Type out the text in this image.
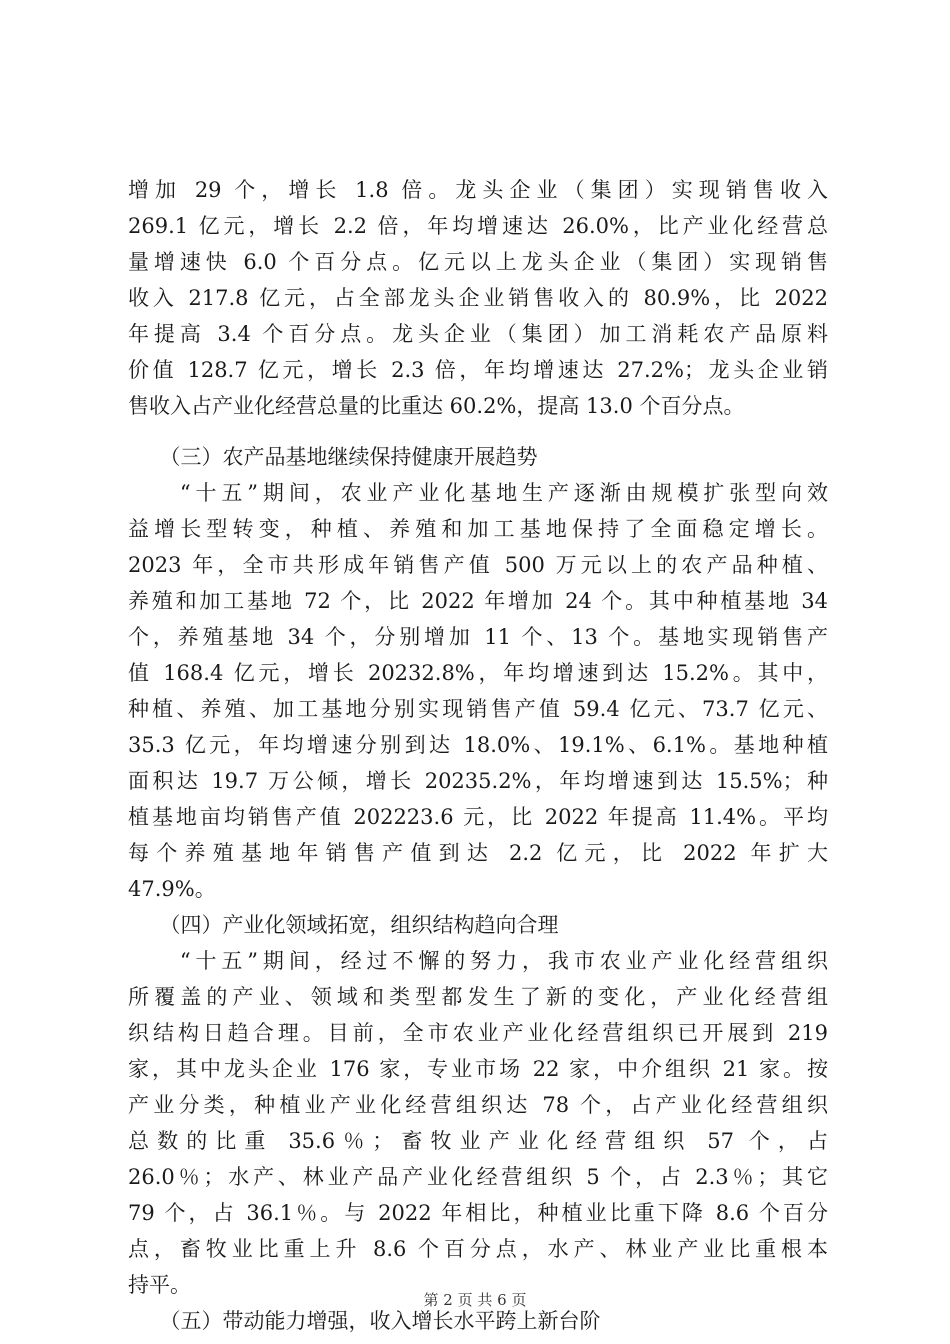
增加 29 个，增长 1.8 倍。龙头企业（集团）实现销售收入
269.1 亿元，增长 2.2 倍，年均增速达 26.0%，比产业化经营总
量增速快 6.0 个百分点。亿元以上龙头企业（集团）实现销售
收入 217.8 亿元，占全部龙头企业销售收入的 80.9%，比 2022
年提高 3.4 个百分点。龙头企业（集团）加工消耗农产品原料
价值 128.7 亿元，增长 2.3 倍，年均增速达 27.2%；龙头企业销
售收入占产业化经营总量的比重达 60.2%，提高 13.0 个百分点。
　　（三）农产品基地继续保持健康开展趋势
　　“十五”期间，农业产业化基地生产逐渐由规模扩张型向效
益增长型转变，种植、养殖和加工基地保持了全面稳定增长。
2023 年，全市共形成年销售产值 500 万元以上的农产品种植、
养殖和加工基地 72 个，比 2022 年增加 24 个。其中种植基地 34
个，养殖基地 34 个，分别增加 11 个、13 个。基地实现销售产
值 168.4 亿元，增长 20232.8%，年均增速到达 15.2%。其中，
种植、养殖、加工基地分别实现销售产值 59.4 亿元、73.7 亿元、
35.3 亿元，年均增速分别到达 18.0%、19.1%、6.1%。基地种植
面积达 19.7 万公倾，增长 20235.2%，年均增速到达 15.5%；种
植基地亩均销售产值 202223.6 元，比 2022 年提高 11.4%。平均
每个养殖基地年销售产值到达 2.2 亿元，比 2022 年扩大
47.9%。
　　（四）产业化领域拓宽，组织结构趋向合理
　　“十五”期间，经过不懈的努力，我市农业产业化经营组织
所覆盖的产业、领域和类型都发生了新的变化，产业化经营组
织结构日趋合理。目前，全市农业产业化经营组织已开展到 219
家，其中龙头企业 176 家，专业市场 22 家，中介组织 21 家。按
产业分类，种植业产业化经营组织达 78 个，占产业化经营组织
总数的比重 35.6％；畜牧业产业化经营组织 57 个，占
26.0％；水产、林业产品产业化经营组织 5 个，占 2.3％；其它
79 个，占 36.1％。与 2022 年相比，种植业比重下降 8.6 个百分
点，畜牧业比重上升 8.6 个百分点，水产、林业产业比重根本
持平。
　　（五）带动能力增强，收入增长水平跨上新台阶
第 2 页 共 6 页
